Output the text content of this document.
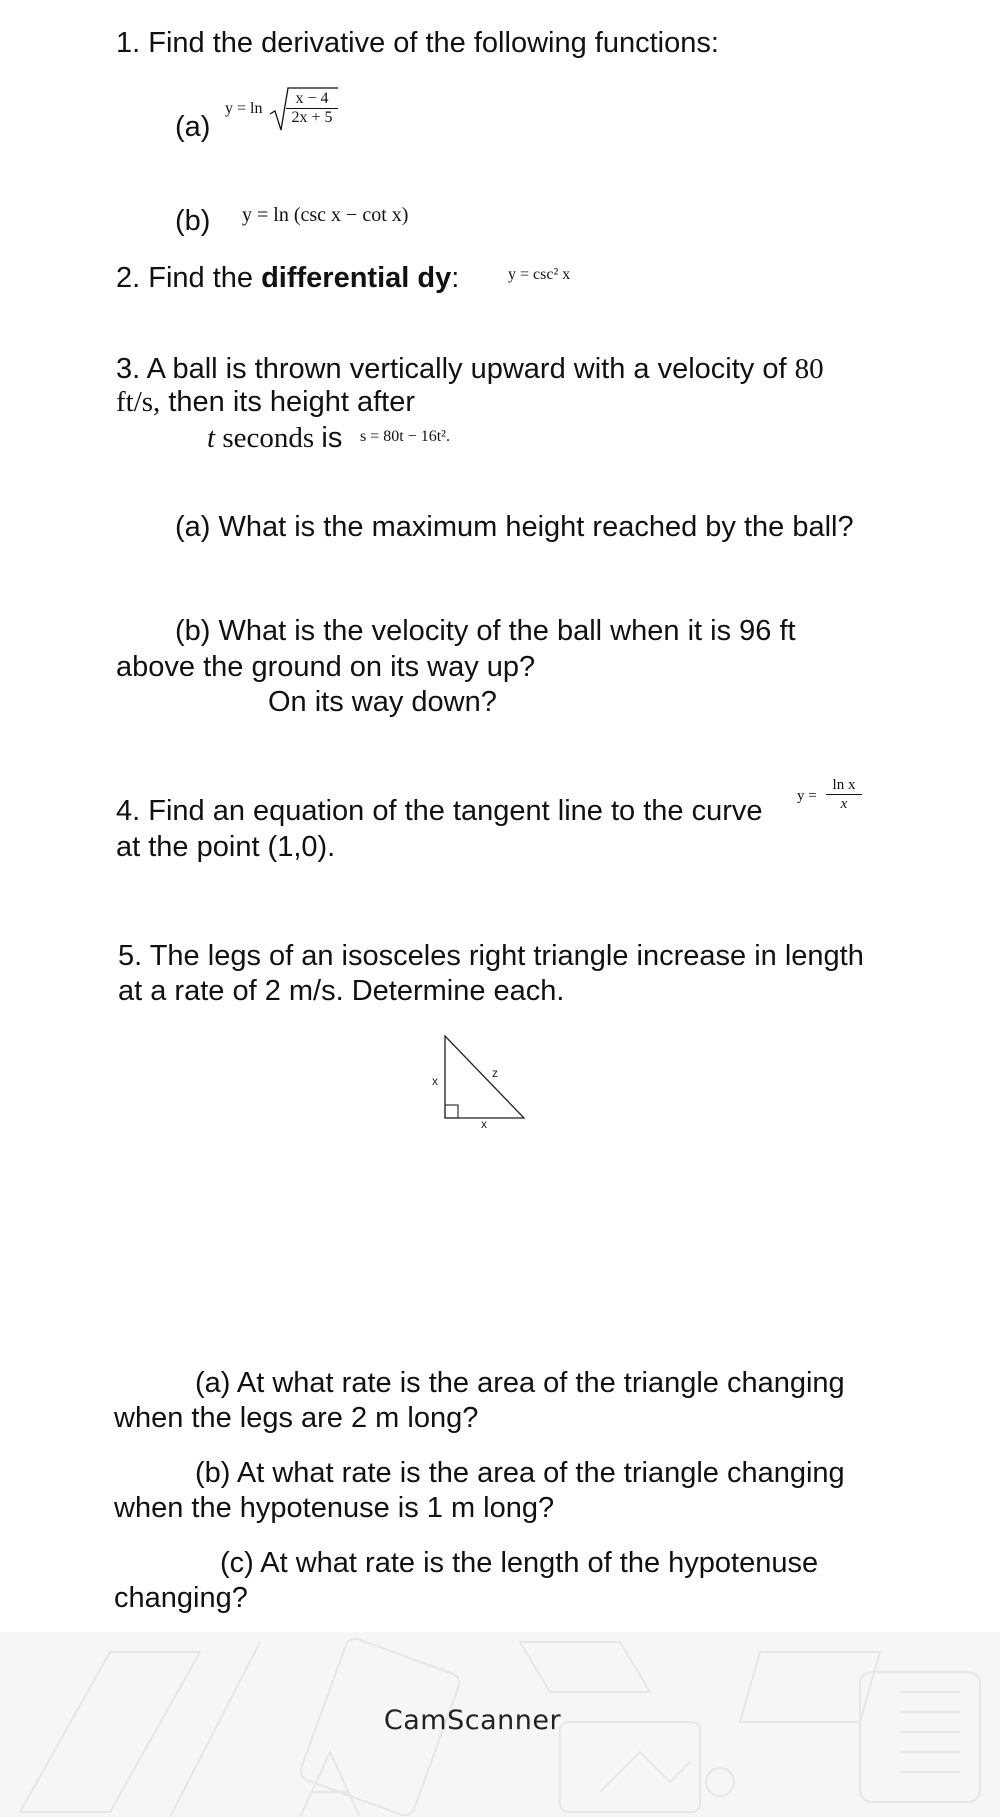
1. Find the derivative of the following functions:
(a)
$y = \ln \frac{x - 4}{2x + 5}$
(b) y = ln (csc x − cot x)
2. Find the differential dy:	y = csc² x
3. A ball is thrown vertically upward with a velocity of 80
ft/s, then its height after
t seconds is s = 80t − 16t².
(a) What is the maximum height reached by the ball?
(b) What is the velocity of the ball when it is 96 ft
above the ground on its way up?
On its way down?
4. Find an equation of the tangent line to the curve $y = \frac{\text{ln x}}{x}$
at the point (1,0).
5. The legs of an isosceles right triangle increase in length
at a rate of 2 m/s. Determine each.
x
z
x
(a) At what rate is the area of the triangle changing
when the legs are 2 m long?
(b) At what rate is the area of the triangle changing
when the hypotenuse is 1 m long?
(c) At what rate is the length of the hypotenuse
changing?
CamScanner
